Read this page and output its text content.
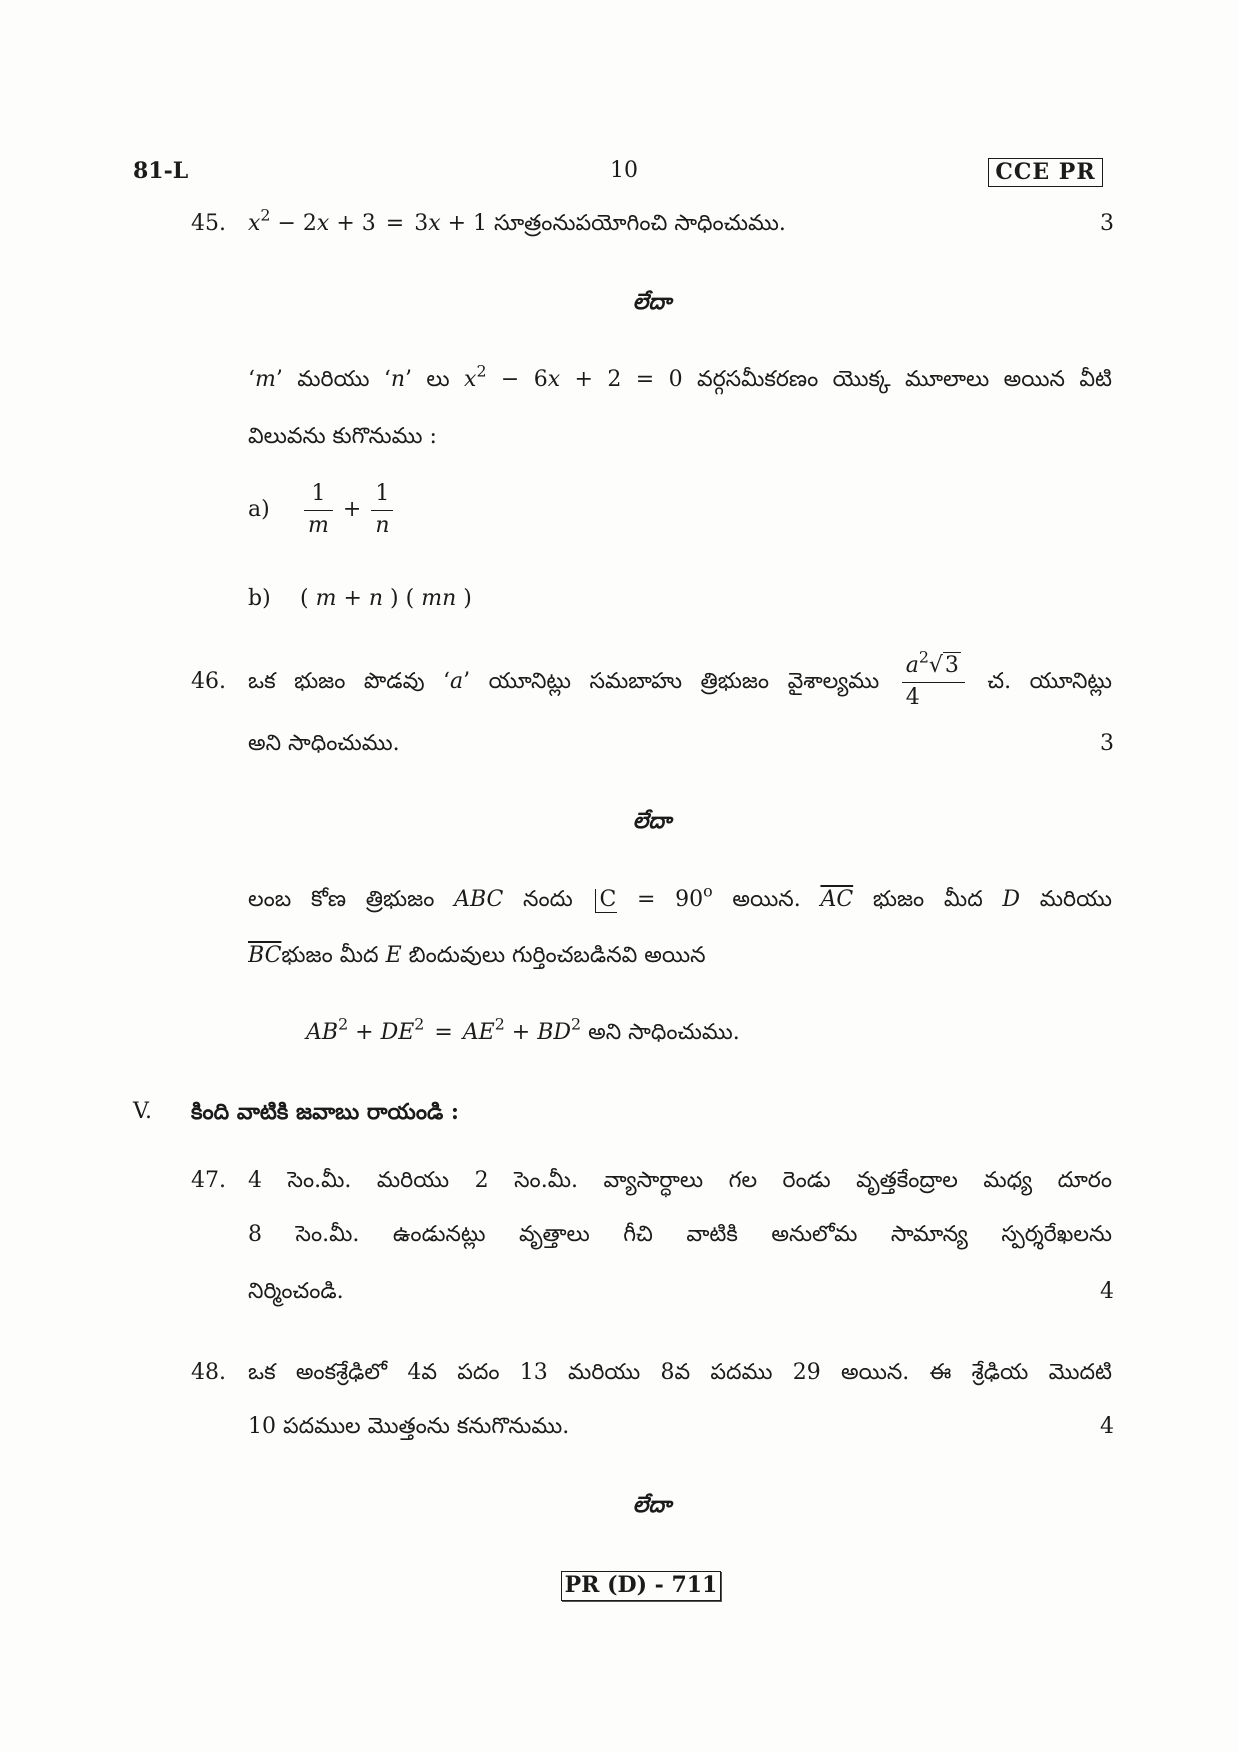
81-L	10	CCE PR
45.	$x^2 - 2x + 3 = 3x + 1$ సూత్రంనుపయోగించి సాధించుము.	3
లేదా
‘m’ మరియు ‘n’ లు $x^2 - 6x + 2 = 0$ వర్గసమీకరణం యొక్క మూలాలు అయిన వీటి
విలువను కుగొనుము :
$a) \frac{1}{m} + \frac{1}{n}$
b) ( m + n ) ( mn )
46.	ఒక భుజం పొడవు ‘a’ యూనిట్లు సమబాహు త్రిభుజం వైశాల్యము $\frac{a^2√3}{4}$ చ. యూనిట్లు
అని సాధించుము.	3
లేదా
లంబ కోణ త్రిభుజం ABC నందు $C = 90^o$ అయిన. $\overline{AC}$ భుజం మీద D మరియు
$\overline{BC}భుజం$ మీద E బిందువులు గుర్తించబడినవి అయిన
$AB^2 + DE^2 = AE^2 + BD^2$ అని సాధించుము.
V. కింది వాటికి జవాబు రాయండి :
47.	4 సెం.మీ. మరియు 2 సెం.మీ. వ్యాసార్ధాలు గల రెండు వృత్తకేంద్రాల మధ్య దూరం
8 సెం.మీ. ఉండునట్లు వృత్తాలు గీచి వాటికి అనులోమ సామాన్య స్పర్శరేఖలను
నిర్మించండి.	4
48.	ఒక అంకశ్రేఢిలో 4వ పదం 13 మరియు 8వ పదము 29 అయిన. ఈ శ్రేఢియ మొదటి
10 పదముల మొత్తంను కనుగొనుము.	4
లేదా
PR (D) - 711
